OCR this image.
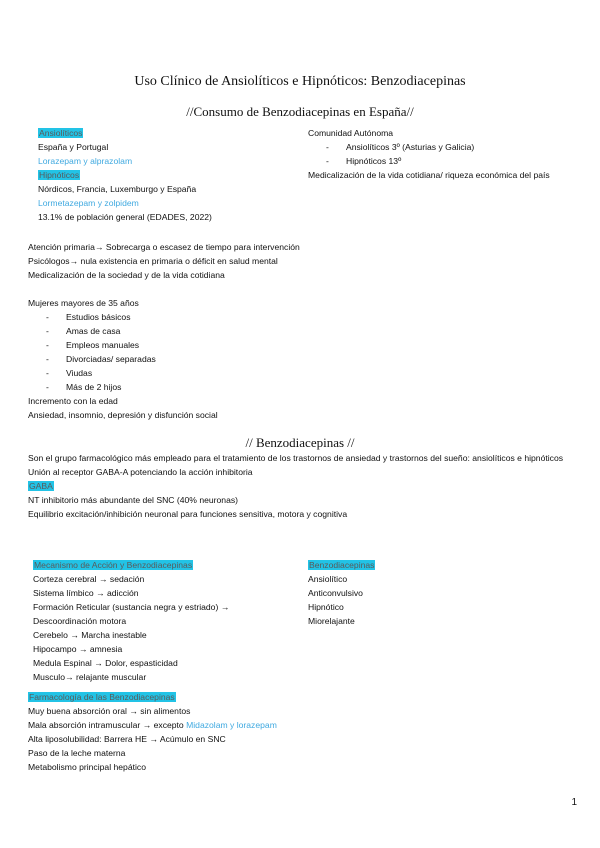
Uso Clínico de Ansiolíticos e Hipnóticos: Benzodiacepinas
//Consumo de Benzodiacepinas en España//
Ansiolíticos
España y Portugal
Lorazepam y alprazolam
Hipnóticos
Nórdicos, Francia, Luxemburgo y España
Lormetazepam y zolpidem
13.1% de población general (EDADES, 2022)
Comunidad Autónoma
- Ansiolíticos 3º (Asturias y Galicia)
- Hipnóticos 13º
Medicalización de la vida cotidiana/ riqueza económica del país
Atención primaria→ Sobrecarga o escasez de tiempo para intervención
Psicólogos→ nula existencia en primaria o déficit en salud mental
Medicalización de la sociedad y de la vida cotidiana
Mujeres mayores de 35 años
- Estudios básicos
- Amas de casa
- Empleos manuales
- Divorciadas/ separadas
- Viudas
- Más de 2 hijos
Incremento con la edad
Ansiedad, insomnio, depresión y disfunción social
// Benzodiacepinas //
Son el grupo farmacológico más empleado para el tratamiento de los trastornos de ansiedad y trastornos del sueño: ansiolíticos e hipnóticos
Unión al receptor GABA-A potenciando la acción inhibitoria
GABA
NT inhibitorio más abundante del SNC (40% neuronas)
Equilibrio excitación/inhibición neuronal para funciones sensitiva, motora y cognitiva
Mecanismo de Acción y Benzodiacepinas
Corteza cerebral → sedación
Sistema límbico → adicción
Formación Reticular (sustancia negra y estriado) →
Descoordinación motora
Cerebelo → Marcha inestable
Hipocampo → amnesia
Medula Espinal → Dolor, espasticidad
Musculo→ relajante muscular
Benzodiacepinas
Ansiolítico
Anticonvulsivo
Hipnótico
Miorelajante
Farmacología de las Benzodiacepinas
Muy buena absorción oral → sin alimentos
Mala absorción intramuscular → excepto Midazolam y lorazepam
Alta liposolubilidad: Barrera HE → Acúmulo en SNC
Paso de la leche materna
Metabolismo principal hepático
1
